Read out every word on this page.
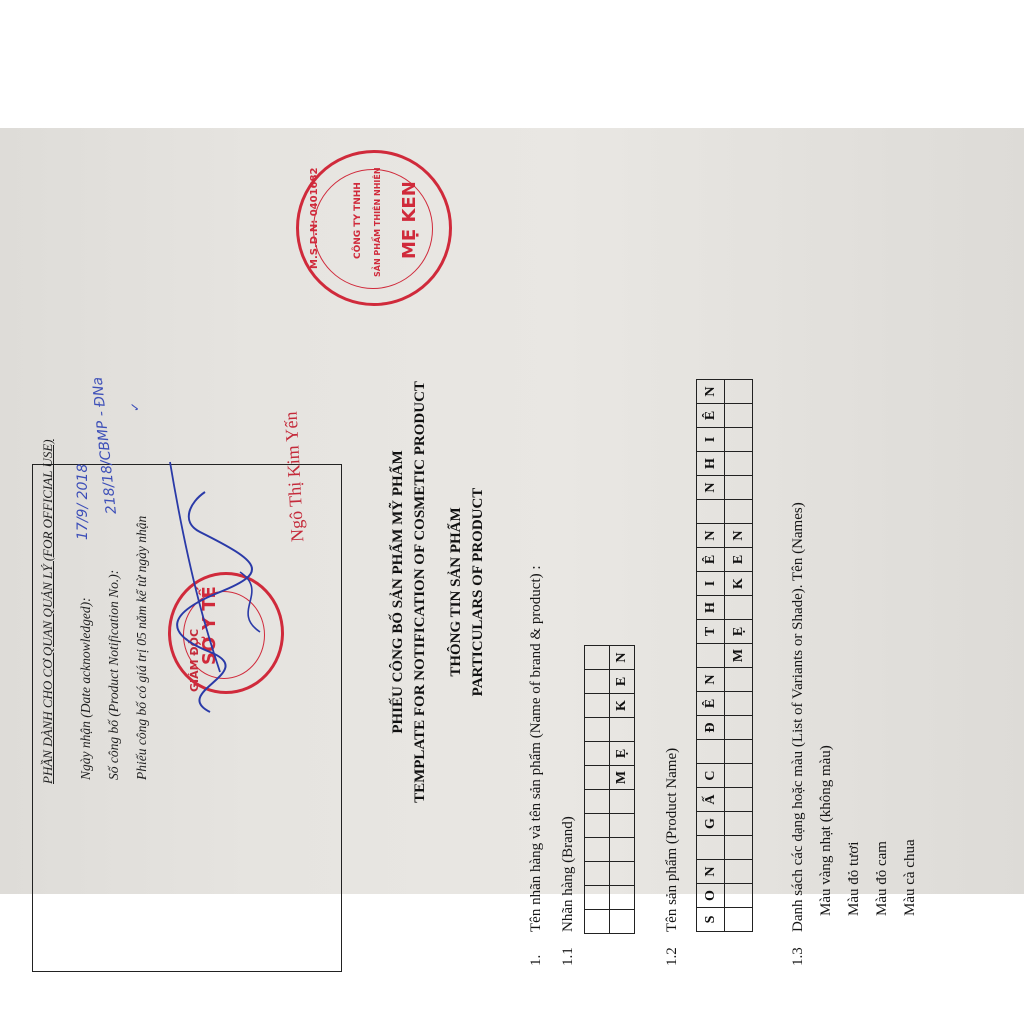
PHẦN DÀNH CHO CƠ QUAN QUẢN LÝ (FOR OFFICIAL USE) Ngày nhận (Date acknowledged):
17/9/ 2018
Số công bố (Product Notification No.):
218/18/CBMP - ĐNa
Phiếu công bố có giá trị 05 năm kể từ ngày nhận
✓
GIÁM ĐỐC
SỞ Y TẾ
Ngô Thị Kim Yến
M.S.D.N: 0401682	MẸ KEN
CÔNG TY TNHH SẢN PHẨM THIÊN NHIÊN
PHIẾU CÔNG BỐ SẢN PHẨM MỸ PHẨM TEMPLATE FOR NOTIFICATION OF COSMETIC PRODUCT THÔNG TIN SẢN PHẨM PARTICULARS OF PRODUCT
1.
Tên nhãn hàng và tên sản phẩm (Name of brand & product) :
1.1
Nhãn hàng (Brand)

						M	Ẹ		K	E	N
1.2
Tên sản phẩm (Product Name) S	O	N		G	Ấ	C		Đ	Ê	N		T	H	I	Ê	N		N	H	I	Ê	N
											M	Ẹ		K	E	N						
1.3
Danh sách các dạng hoặc màu (List of Variants or Shade). Tên (Names) Màu vàng nhạt (không màu) Màu đỏ tươi Màu đỏ cam Màu cà chua
